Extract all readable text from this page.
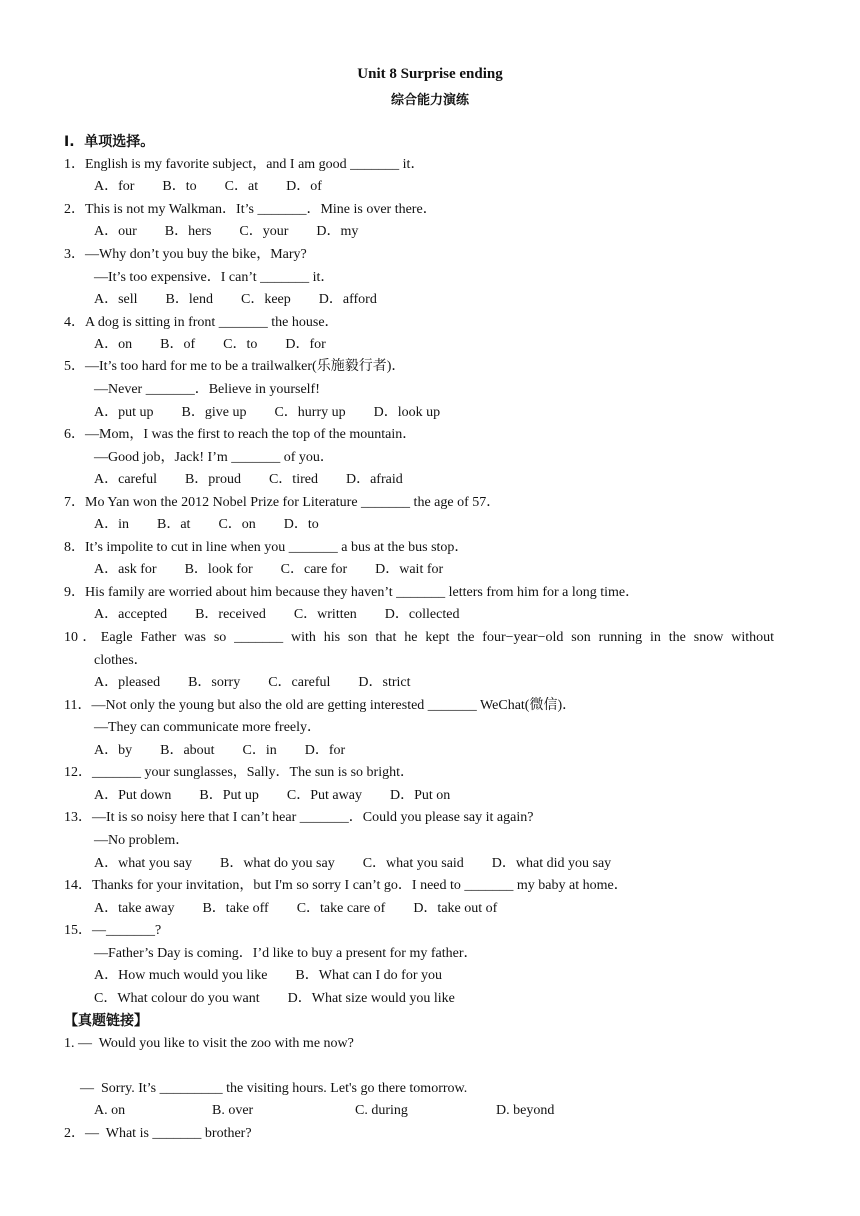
Unit 8 Surprise ending
综合能力演练
I.  单项选择。
1．English is my favorite subject，and I am good _______ it．
A．for        B．to        C．at        D．of
2．This is not my Walkman．It’s _______．Mine is over there．
A．our        B．hers        C．your        D．my
3．—Why don’t you buy the bike，Mary?
—It’s too expensive．I can’t _______ it．
A．sell        B．lend        C．keep        D．afford
4．A dog is sitting in front _______ the house．
A．on        B．of        C．to        D．for
5．—It’s too hard for me to be a trailwalker(乐施毅行者)．
—Never _______．Believe in yourself!
A．put up        B．give up        C．hurry up        D．look up
6．—Mom，I was the first to reach the top of the mountain．
—Good job，Jack! I’m _______ of you．
A．careful        B．proud        C．tired        D．afraid
7．Mo Yan won the 2012 Nobel Prize for Literature _______ the age of 57．
A．in        B．at        C．on        D．to
8．It’s impolite to cut in line when you _______ a bus at the bus stop．
A．ask for        B．look for        C．care for        D．wait for
9．His family are worried about him because they haven’t _______ letters from him for a long time．
A．accepted        B．received        C．written        D．collected
10．Eagle Father was so _______ with his son that he kept the four−year−old son running in the snow without
clothes．
A．pleased        B．sorry        C．careful        D．strict
11．—Not only the young but also the old are getting interested _______ WeChat(微信)．
—They can communicate more freely．
A．by        B．about        C．in        D．for
12．_______ your sunglasses，Sally．The sun is so bright．
A．Put down        B．Put up        C．Put away        D．Put on
13．—It is so noisy here that I can’t hear _______．Could you please say it again?
—No problem．
A．what you say        B．what do you say        C．what you said        D．what did you say
14．Thanks for your invitation，but I'm so sorry I can’t go．I need to _______ my baby at home．
A．take away        B．take off        C．take care of        D．take out of
15．—_______?
—Father’s Day is coming．I’d like to buy a present for my father．
A．How much would you like        B．What can I do for you
C．What colour do you want        D．What size would you like
【真题链接】
1. —  Would you like to visit the zoo with me now?
—  Sorry. It’s _________ the visiting hours. Let's go there tomorrow.
A. on	B. over	C. during	D. beyond
2．—  What is _______ brother?
